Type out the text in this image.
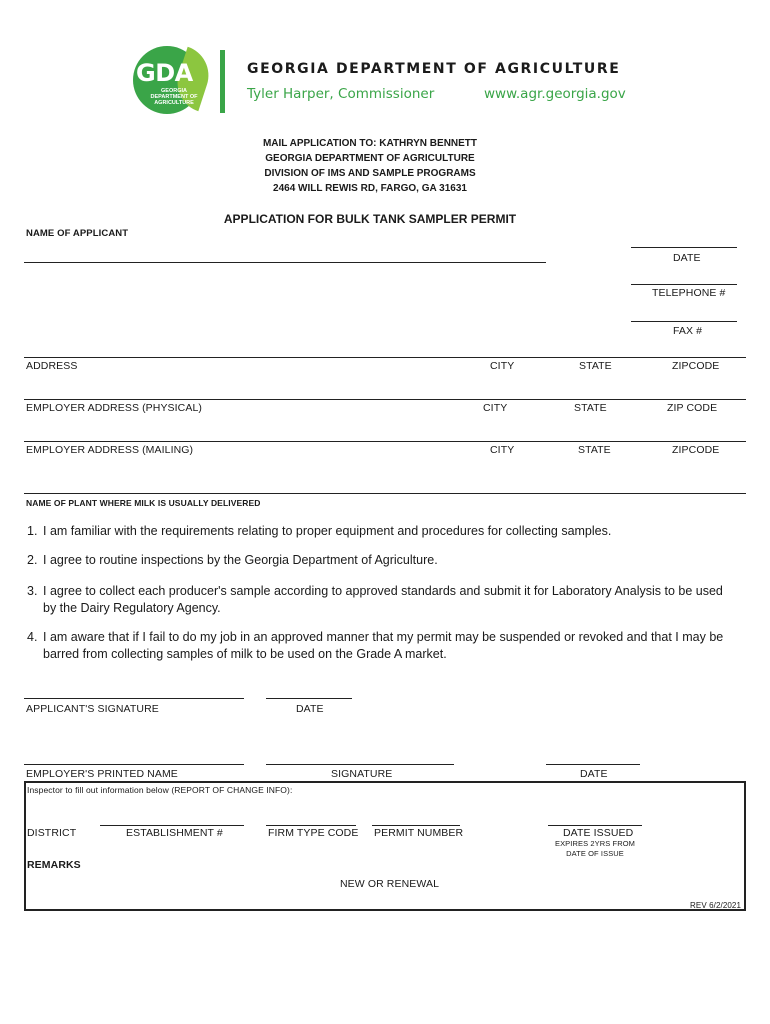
GDA
GEORGIA
DEPARTMENT OF
AGRICULTURE
GEORGIA DEPARTMENT OF AGRICULTURE
Tyler Harper, Commissioner	www.agr.georgia.gov
MAIL APPLICATION TO: KATHRYN BENNETT
GEORGIA DEPARTMENT OF AGRICULTURE
DIVISION OF IMS AND SAMPLE PROGRAMS
2464 WILL REWIS RD, FARGO, GA 31631
APPLICATION FOR BULK TANK SAMPLER PERMIT
NAME OF APPLICANT
DATE
TELEPHONE #
FAX #
ADDRESS	CITY	STATE	ZIPCODE
EMPLOYER ADDRESS (PHYSICAL)	CITY	STATE	ZIP CODE
EMPLOYER ADDRESS (MAILING)	CITY	STATE	ZIPCODE
NAME OF PLANT WHERE MILK IS USUALLY DELIVERED
1. I am familiar with the requirements relating to proper equipment and procedures for collecting samples.
2. I agree to routine inspections by the Georgia Department of Agriculture.
3. I agree to collect each producer's sample according to approved standards and submit it for Laboratory Analysis to be used
by the Dairy Regulatory Agency.
4. I am aware that if I fail to do my job in an approved manner that my permit may be suspended or revoked and that I may be
barred from collecting samples of milk to be used on the Grade A market.
APPLICANT'S SIGNATURE	DATE
EMPLOYER'S PRINTED NAME	SIGNATURE	DATE
Inspector to fill out information below (REPORT OF CHANGE INFO):
DISTRICT	ESTABLISHMENT #	FIRM TYPE CODE PERMIT NUMBER	DATE ISSUED
EXPIRES 2YRS FROM
DATE OF ISSUE
REMARKS
NEW OR RENEWAL
REV 6/2/2021
